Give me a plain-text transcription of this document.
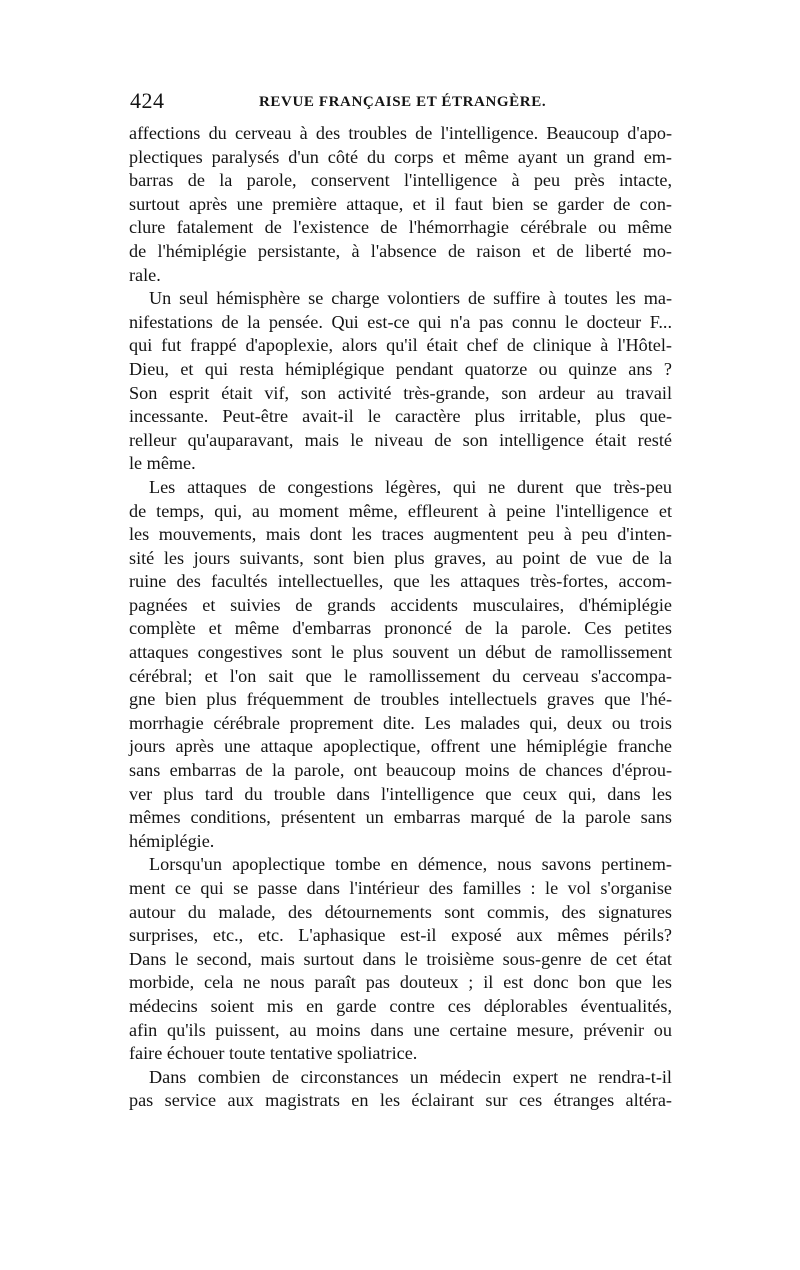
424	REVUE FRANÇAISE ET ÉTRANGÈRE.
affections du cerveau à des troubles de l'intelligence. Beaucoup d'apo-
plectiques paralysés d'un côté du corps et même ayant un grand em-
barras de la parole, conservent l'intelligence à peu près intacte,
surtout après une première attaque, et il faut bien se garder de con-
clure fatalement de l'existence de l'hémorrhagie cérébrale ou même
de l'hémiplégie persistante, à l'absence de raison et de liberté mo-
rale.
Un seul hémisphère se charge volontiers de suffire à toutes les ma-
nifestations de la pensée. Qui est-ce qui n'a pas connu le docteur F...
qui fut frappé d'apoplexie, alors qu'il était chef de clinique à l'Hôtel-
Dieu, et qui resta hémiplégique pendant quatorze ou quinze ans ?
Son esprit était vif, son activité très-grande, son ardeur au travail
incessante. Peut-être avait-il le caractère plus irritable, plus que-
relleur qu'auparavant, mais le niveau de son intelligence était resté
le même.
Les attaques de congestions légères, qui ne durent que très-peu
de temps, qui, au moment même, effleurent à peine l'intelligence et
les mouvements, mais dont les traces augmentent peu à peu d'inten-
sité les jours suivants, sont bien plus graves, au point de vue de la
ruine des facultés intellectuelles, que les attaques très-fortes, accom-
pagnées et suivies de grands accidents musculaires, d'hémiplégie
complète et même d'embarras prononcé de la parole. Ces petites
attaques congestives sont le plus souvent un début de ramollissement
cérébral; et l'on sait que le ramollissement du cerveau s'accompa-
gne bien plus fréquemment de troubles intellectuels graves que l'hé-
morrhagie cérébrale proprement dite. Les malades qui, deux ou trois
jours après une attaque apoplectique, offrent une hémiplégie franche
sans embarras de la parole, ont beaucoup moins de chances d'éprou-
ver plus tard du trouble dans l'intelligence que ceux qui, dans les
mêmes conditions, présentent un embarras marqué de la parole sans
hémiplégie.
Lorsqu'un apoplectique tombe en démence, nous savons pertinem-
ment ce qui se passe dans l'intérieur des familles : le vol s'organise
autour du malade, des détournements sont commis, des signatures
surprises, etc., etc. L'aphasique est-il exposé aux mêmes périls?
Dans le second, mais surtout dans le troisième sous-genre de cet état
morbide, cela ne nous paraît pas douteux ; il est donc bon que les
médecins soient mis en garde contre ces déplorables éventualités,
afin qu'ils puissent, au moins dans une certaine mesure, prévenir ou
faire échouer toute tentative spoliatrice.
Dans combien de circonstances un médecin expert ne rendra-t-il
pas service aux magistrats en les éclairant sur ces étranges altéra-
